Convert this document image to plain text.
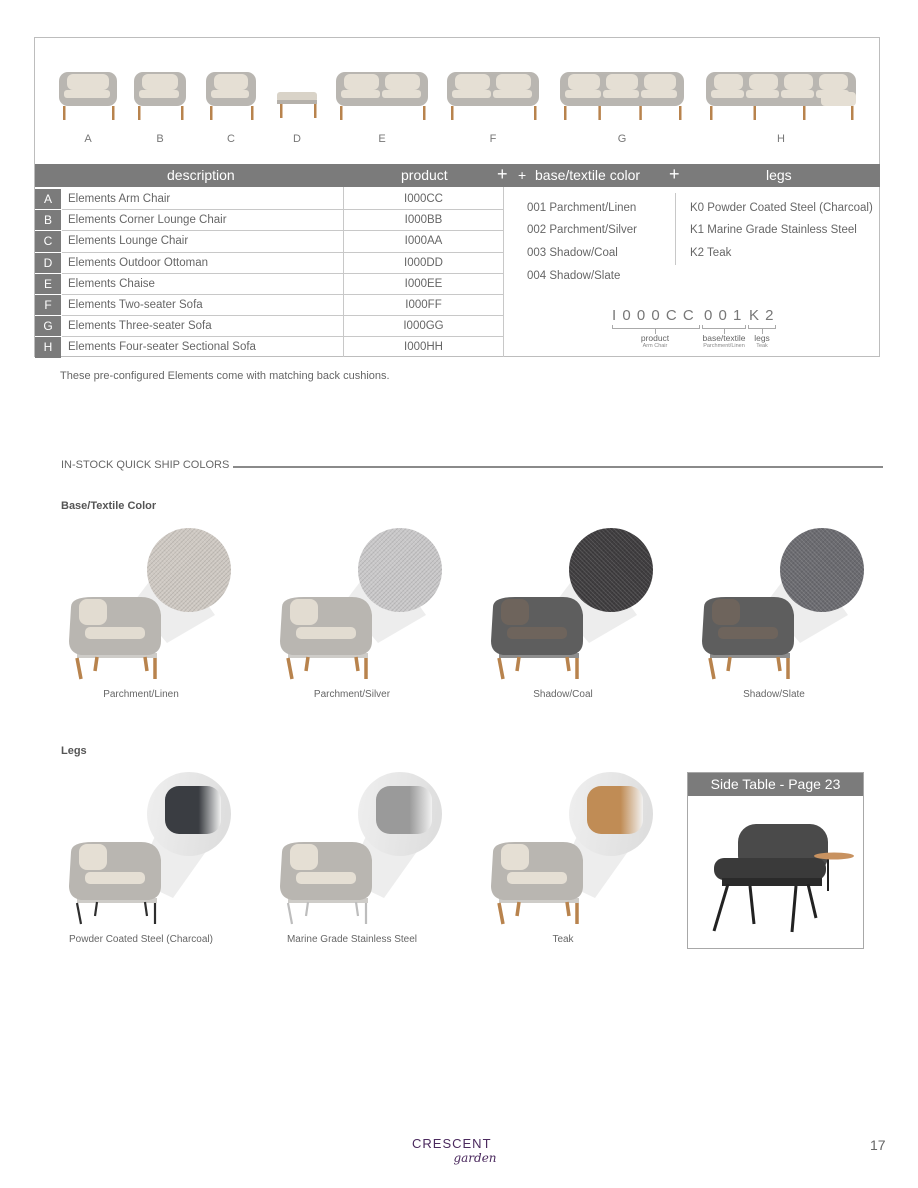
A	B	C	D	E	F	G	H
description	product	+ + base/textile color +	legs
A	Elements Arm Chair	I000CC
B	Elements Corner Lounge Chair	I000BB
C	Elements Lounge Chair	I000AA
D	Elements Outdoor Ottoman	I000DD
E	Elements Chaise	I000EE
F	Elements Two-seater Sofa	I000FF
G	Elements Three-seater Sofa	I000GG
H	Elements Four-seater Sectional Sofa	I000HH
001 Parchment/Linen
002 Parchment/Silver
003 Shadow/Coal
004 Shadow/Slate
K0 Powder Coated Steel (Charcoal)
K1 Marine Grade Stainless Steel
K2 Teak
I 0 0 0 C C 0 0 1 K 2
product
Arm Chair
base/textile
Parchment/Linen
legs
Teak
These pre-configured Elements come with matching back cushions.
IN-STOCK QUICK SHIP COLORS
Base/Textile Color
Parchment/Linen	Parchment/Silver	Shadow/Coal	Shadow/Slate
Legs
Powder Coated Steel (Charcoal)	Marine Grade Stainless Steel	Teak
Side Table - Page 23
CRESCENT
garden
17
